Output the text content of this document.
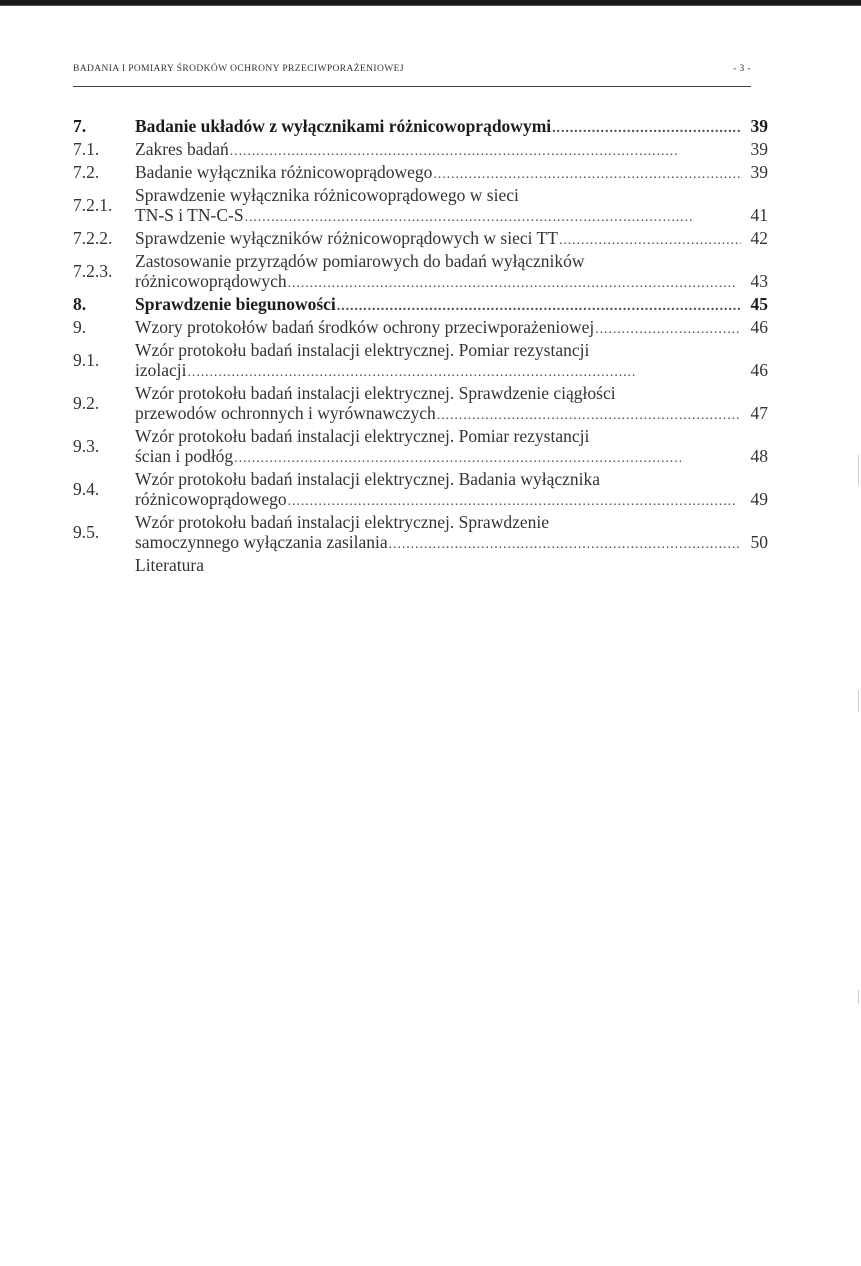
BADANIA I POMIARY ŚRODKÓW OCHRONY PRZECIWPORAŻENIOWEJ	- 3 -
7.	Badanie układów z wyłącznikami różnicowoprądowymi . . .	39
7.1.	Zakres badań . . .	39
7.2.	Badanie wyłącznika różnicowoprądowego . . .	39
7.2.1.	Sprawdzenie wyłącznika różnicowoprądowego w sieci
TN-S i TN-C-S . . .	41
7.2.2.	Sprawdzenie wyłączników różnicowoprądowych w sieci TT . . .	42
7.2.3.	Zastosowanie przyrządów pomiarowych do badań wyłączników
różnicowoprądowych . . .	43
8.	Sprawdzenie biegunowości . . .	45
9.	Wzory protokołów badań środków ochrony przeciwporażeniowej . . .	46
9.1.	Wzór protokołu badań instalacji elektrycznej. Pomiar rezystancji
izolacji . . .	46
9.2.	Wzór protokołu badań instalacji elektrycznej. Sprawdzenie ciągłości
przewodów ochronnych i wyrównawczych . . .	47
9.3.	Wzór protokołu badań instalacji elektrycznej. Pomiar rezystancji
ścian i podłóg . . .	48
9.4.	Wzór protokołu badań instalacji elektrycznej. Badania wyłącznika
różnicowoprądowego . . .	49
9.5.	Wzór protokołu badań instalacji elektrycznej. Sprawdzenie
samoczynnego wyłączania zasilania . . .	50
Literatura
